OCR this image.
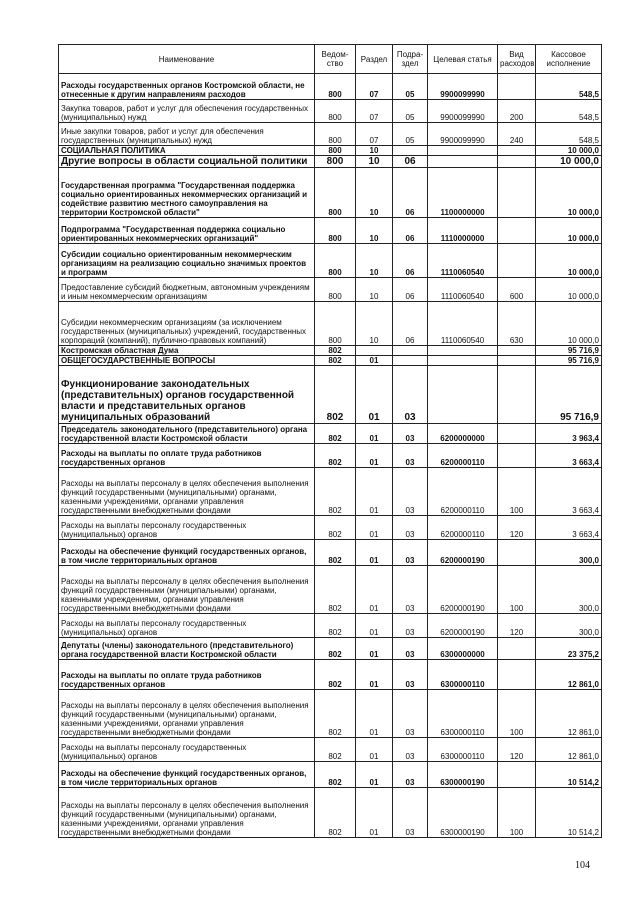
Наименование	Ведом-ство	Раздел	Подра-здел	Целевая статья	Вид расходов	Кассовое исполнение
Расходы государственных органов Костромской области, не отнесенные к другим направлениям расходов	800	07	05	9900099990		548,5
Закупка товаров, работ и услуг для обеспечения государственных (муниципальных) нужд	800	07	05	9900099990	200	548,5
Иные закупки товаров, работ и услуг для обеспечения государственных (муниципальных) нужд	800	07	05	9900099990	240	548,5
СОЦИАЛЬНАЯ ПОЛИТИКА	800	10				10 000,0
Другие вопросы в области социальной политики	800	10	06			10 000,0
Государственная программа "Государственная поддержка социально ориентированных некоммерческих организаций и содействие развитию местного самоуправления на территории Костромской области"	800	10	06	1100000000		10 000,0
Подпрограмма "Государственная поддержка социально ориентированных некоммерческих организаций"	800	10	06	1110000000		10 000,0
Субсидии социально ориентированным некоммерческим организациям на реализацию социально значимых проектов и программ	800	10	06	1110060540		10 000,0
Предоставление субсидий бюджетным, автономным учреждениям и иным некоммерческим организациям	800	10	06	1110060540	600	10 000,0
Субсидии некоммерческим организациям (за исключением государственных (муниципальных) учреждений, государственных корпораций (компаний), публично-правовых компаний)	800	10	06	1110060540	630	10 000,0
Костромская областная Дума	802					95 716,9
ОБЩЕГОСУДАРСТВЕННЫЕ ВОПРОСЫ	802	01				95 716,9
Функционирование законодательных (представительных) органов государственной власти и представительных органов муниципальных образований	802	01	03			95 716,9
Председатель законодательного (представительного) органа государственной власти Костромской области	802	01	03	6200000000		3 963,4
Расходы на выплаты по оплате труда работников государственных органов	802	01	03	6200000110		3 663,4
Расходы на выплаты персоналу в целях обеспечения выполнения функций государственными (муниципальными) органами, казенными учреждениями, органами управления государственными внебюджетными фондами	802	01	03	6200000110	100	3 663,4
Расходы на выплаты персоналу государственных (муниципальных) органов	802	01	03	6200000110	120	3 663,4
Расходы на обеспечение функций государственных органов, в том числе территориальных органов	802	01	03	6200000190		300,0
Расходы на выплаты персоналу в целях обеспечения выполнения функций государственными (муниципальными) органами, казенными учреждениями, органами управления государственными внебюджетными фондами	802	01	03	6200000190	100	300,0
Расходы на выплаты персоналу государственных (муниципальных) органов	802	01	03	6200000190	120	300,0
Депутаты (члены) законодательного (представительного) органа государственной власти Костромской области	802	01	03	6300000000		23 375,2
Расходы на выплаты по оплате труда работников государственных органов	802	01	03	6300000110		12 861,0
Расходы на выплаты персоналу в целях обеспечения выполнения функций государственными (муниципальными) органами, казенными учреждениями, органами управления государственными внебюджетными фондами	802	01	03	6300000110	100	12 861,0
Расходы на выплаты персоналу государственных (муниципальных) органов	802	01	03	6300000110	120	12 861,0
Расходы на обеспечение функций государственных органов, в том числе территориальных органов	802	01	03	6300000190		10 514,2
Расходы на выплаты персоналу в целях обеспечения выполнения функций государственными (муниципальными) органами, казенными учреждениями, органами управления государственными внебюджетными фондами	802	01	03	6300000190	100	10 514,2
104
